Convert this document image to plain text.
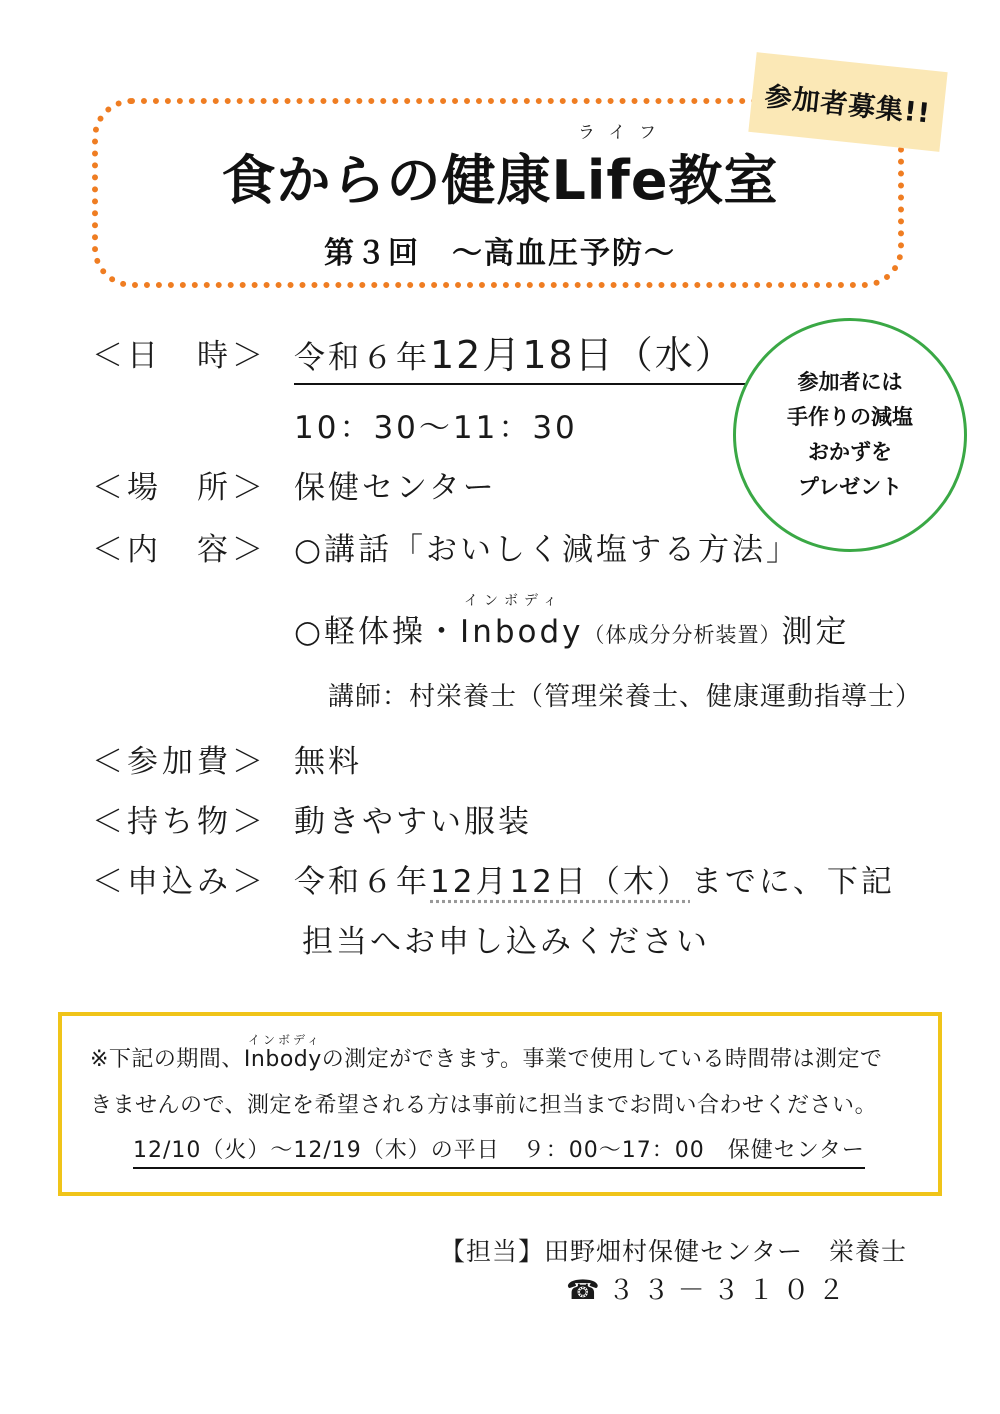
参加者募集!!
ライフ
食からの健康Life教室
第３回　～高血圧予防～
＜日　時＞ 令和６年12月18日（水）
10：30～11：30
参加者には
手作りの減塩
おかずを
プレゼント
＜場　所＞ 保健センター
＜内　容＞ ○講話「おいしく減塩する方法」
インボディ
○軽体操・Inbody（体成分分析装置）測定
講師：村栄養士（管理栄養士、健康運動指導士）
＜参加費＞ 無料
＜持ち物＞ 動きやすい服装
＜申込み＞ 令和６年12月12日（木）までに、下記
担当へお申し込みください
インボディ
※下記の期間、Inbodyの測定ができます。事業で使用している時間帯は測定で
きませんので、測定を希望される方は事前に担当までお問い合わせください。
12/10（火）～12/19（木）の平日　９：00～17：00　保健センター
【担当】田野畑村保健センター　栄養士
☎３３－３１０２
